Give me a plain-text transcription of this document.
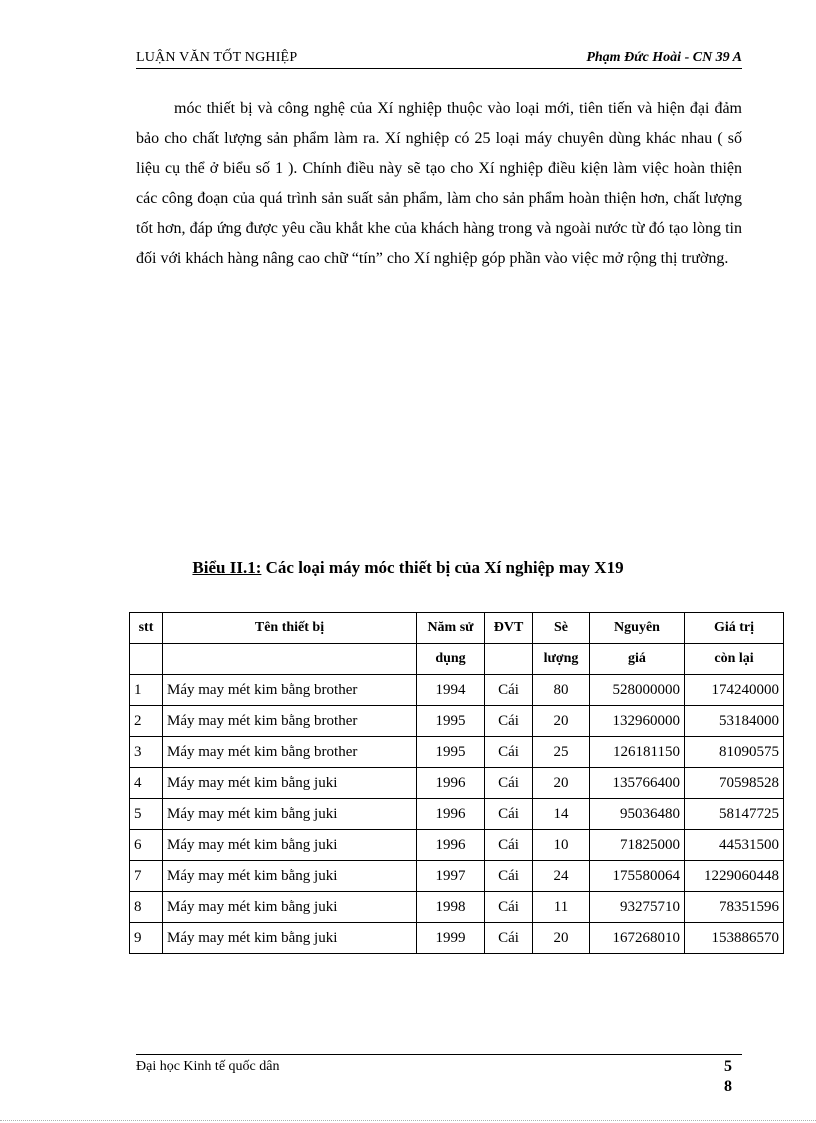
LUẬN VĂN TỐT NGHIỆP	Phạm Đức Hoài - CN 39 A

móc thiết bị và công nghệ của Xí nghiệp thuộc vào loại mới, tiên tiến và hiện đại đảm bảo cho chất lượng sản phẩm làm ra. Xí nghiệp có 25 loại máy chuyên dùng khác nhau ( số liệu cụ thể ở biểu số 1 ). Chính điều này sẽ tạo cho Xí nghiệp điều kiện làm việc hoàn thiện các công đoạn của quá trình sản suất sản phẩm, làm cho sản phẩm hoàn thiện hơn, chất lượng tốt hơn, đáp ứng được yêu cầu khắt khe của khách hàng trong và ngoài nước từ đó tạo lòng tin đối với khách hàng nâng cao chữ “tín” cho Xí nghiệp góp phần vào việc mở rộng thị trường.

Biểu II.1: Các loại máy móc thiết bị của Xí nghiệp may X19
stt	Tên thiết bị	Năm sử	ĐVT	Sè	Nguyên	Giá trị
		dụng		lượng	giá	còn lại
1	Máy may mét kim bằng brother	1994	Cái	80	528000000	174240000
2	Máy may mét kim bằng brother	1995	Cái	20	132960000	53184000
3	Máy may mét kim bằng brother	1995	Cái	25	126181150	81090575
4	Máy may mét kim bằng juki	1996	Cái	20	135766400	70598528
5	Máy may mét kim bằng juki	1996	Cái	14	95036480	58147725
6	Máy may mét kim bằng juki	1996	Cái	10	71825000	44531500
7	Máy may mét kim bằng juki	1997	Cái	24	175580064	1229060448
8	Máy may mét kim bằng juki	1998	Cái	11	93275710	78351596
9	Máy may mét kim bằng juki	1999	Cái	20	167268010	153886570
Đại học Kinh tế quốc dân	5
8
